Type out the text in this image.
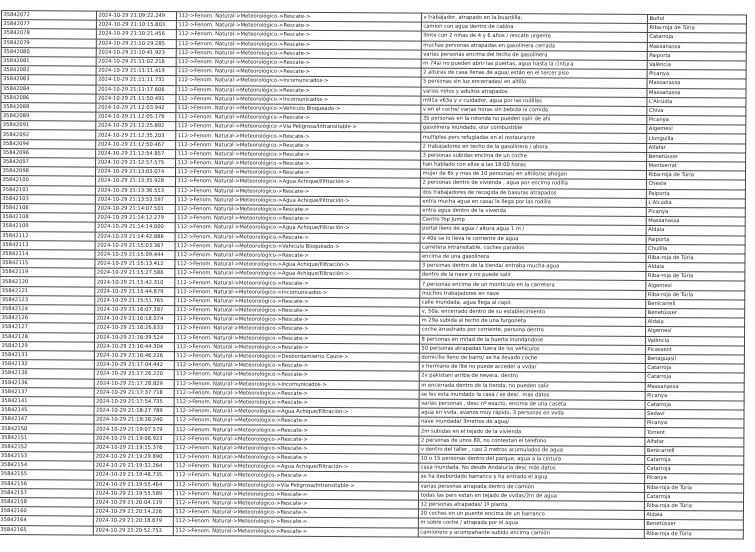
35842072	2024-10-29 21:09:22.249	112->Fenom. Natural->Meteorológico->Rescate->	v trabajador, atrapado en la buardilla,	Buñol
35842077	2024-10-29 21:10:15.803	112->Fenom. Natural->Meteorológico->Rescate->	camion con agua dentro de cabina	Riba-roja de Túria
35842078	2024-10-29 21:10:21.456	112->Fenom. Natural->Meteorológico->Rescate->	llmte con 2 niñas de 4 y 6 años / rescate urgente	Catarroja
35842079	2024-10-29 21:10:29.285	112->Fenom. Natural->Meteorológico->Rescate->	muchas personas atrapadas en gasolinera cerrada	Massanassa
35842080	2024-10-29 21:10:41.923	112->Fenom. Natural->Meteorológico->Rescate->	varias personas encima del techo de gasolinera	Paiporta
35842081	2024-10-29 21:11:02.218	112->Fenom. Natural->Meteorológico->Rescate->	m 74a/ no pueden abrir las puertas, agua hasta la cintura	València
35842082	2024-10-29 21:11:11.419	112->Fenom. Natural->Meteorológico->Rescate->	2 alturas de casa llenas de agua/ están en el tercer piso	Picanya
35842083	2024-10-29 21:11:11.731	112->Fenom. Natural->Meteorológico->Incomunicados->	5 personas sin luz encerradas/ en altillo	Massanassa
35842084	2024-10-29 21:11:17.606	112->Fenom. Natural->Meteorológico->Rescate->	varios niños y adultos atrapados	Massanassa
35842086	2024-10-29 21:11:50.491	112->Fenom. Natural->Meteorológico->Incomunicados->	m91a v63a y v cuidador, agua por las rodillas	L'Alcúdia
35842088	2024-10-29 21:12:03.942	112->Fenom. Natural->Meteorológico->Vehículo Bloqueado->	v en el coche/ varias horas sin bebida ni comida	Chiva
35842089	2024-10-29 21:12:05.176	112->Fenom. Natural->Meteorológico->Rescate->	35 personas en la rotonda no pueden salir de ahí	Picanya
35842091	2024-10-29 21:12:25.892	112->Fenom. Natural->Meteorológico->Vía Peligrosa/Intransitable->	gasolinera inundado, olor combustible	Algemesí
35842092	2024-10-29 21:12:35.203	112->Fenom. Natural->Meteorológico->Rescate->	multiples pers refugiadas en el restaurante	Llonguilla
35842094	2024-10-29 21:12:50.467	112->Fenom. Natural->Meteorológico->Rescate->	2 trabajadores en techo de la gasolinera / ahora	Alfafar
35842096	2024-10-29 21:12:54.857	112->Fenom. Natural->Meteorológico->Rescate->	3 personas subidas encima de un coche	Benetússer
35842097	2024-10-29 21:12:57.575	112->Fenom. Natural->Meteorológico->Rescate->	han hablado con ellos a las 18:00 horas	Montserrat
35842098	2024-10-29 21:13:03.074	112->Fenom. Natural->Meteorológico->Rescate->	mujer de 8x y mas de 10 personas/ en altillo/se ahogan	Riba-roja de Túria
35842100	2024-10-29 21:13:35.928	112->Fenom. Natural->Meteorológico->Agua Achique/Filtración->	2 personas dentro de vivienda , agua por encima rodilla	Cheste
35842101	2024-10-29 21:13:36.553	112->Fenom. Natural->Meteorológico->Rescate->	dos trabajadores de recogida de basuras atrapados	Paiporta
35842103	2024-10-29 21:13:53.597	112->Fenom. Natural->Meteorológico->Agua Achique/Filtración->	entra mucha agua en casa/ le llega por las rodilla	L'Alcúdia
35842106	2024-10-29 21:14:07.501	112->Fenom. Natural->Meteorológico->Rescate->	entra agua dentro de la vivenda	Picanya
35842108	2024-10-29 21:14:12.279	112->Fenom. Natural->Meteorológico->Rescate->	Centro Top Jump	Massanassa
35842109	2024-10-29 21:14:14.000	112->Fenom. Natural->Meteorológico->Agua Achique/Filtración->	portal lleno de agua / altura agua 1 m /	Aldaia
35842112	2024-10-29 21:14:42.886	112->Fenom. Natural->Meteorológico->Rescate->	v 40a se lo lleva le corriente de agua	Paiporta
35842113	2024-10-29 21:15:03.367	112->Fenom. Natural->Meteorológico->Vehículo Bloqueado->	carretera intransitable, coches parados	Chulilla
35842114	2024-10-29 21:15:09.444	112->Fenom. Natural->Meteorológico->Rescate->	encima de una gasolinera	Riba-roja de Túria
35842115	2024-10-29 21:15:13.412	112->Fenom. Natural->Meteorológico->Agua Achique/Filtración->	3 personas dentro de la tienda/ entraba mucha agua	Aldaia
35842119	2024-10-29 21:15:27.586	112->Fenom. Natural->Meteorológico->Agua Achique/Filtración->	dentro de la nave y no puede salir	Riba-roja de Túria
35842120	2024-10-29 21:15:42.310	112->Fenom. Natural->Meteorológico->Rescate->	7 personas encima de un montículo en la carretera	Algemesí
35842121	2024-10-29 21:15:44.879	112->Fenom. Natural->Meteorológico->Incomunicados->	muchos trabajadores en nave	Riba-roja de Túria
35842123	2024-10-29 21:15:51.765	112->Fenom. Natural->Meteorológico->Rescate->	calle inundada, agua llega al capó	Benicarrell
35842124	2024-10-29 21:16:07.387	112->Fenom. Natural->Meteorológico->Rescate->	v, 50a, encerrado dentro de su establecimiento	Benetússer
35842126	2024-10-29 21:16:18.074	112->Fenom. Natural->Meteorológico->Rescate->	m 29a subida al techo de una furgoneta	Aldaia
35842127	2024-10-29 21:16:26.633	112->Fenom. Natural->Meteorológico->Rescate->	coche arrastrado por corriente, persona dentro	Algemesí
35842128	2024-10-29 21:16:39.524	112->Fenom. Natural->Meteorológico->Rescate->	8 personas en mitad de la huerta inundandose	València
35842129	2024-10-29 21:16:44.304	112->Fenom. Natural->Meteorológico->Rescate->	50 personas atrapadas fuera de los vehículos	Picassent
35842131	2024-10-29 21:16:46.226	112->Fenom. Natural->Meteorológico->Desbordamiento Cauce->	domicilio lleno de barro/ se ha llevado coche	Benaguasil
35842132	2024-10-29 21:17:04.442	112->Fenom. Natural->Meteorológico->Rescate->	v hermano de llte no puede acceder a vvda/	Catarroja
35842136	2024-10-29 21:17:26.220	112->Fenom. Natural->Meteorológico->Rescate->	2v pakistani arriba de nevera, dentro	Catarroja
35842136	2024-10-29 21:17:28.829	112->Fenom. Natural->Meteorológico->Incomunicados->	m encerrada dentro de la tienda, no pueden salir	Massanassa
35842137	2024-10-29 21:17:37.718	112->Fenom. Natural->Meteorológico->Rescate->	se les esta inundado la casa / se desc. mas datos	Picanya
35842141	2024-10-29 21:17:54.735	112->Fenom. Natural->Meteorológico->Rescate->	varias personas , desc nº exacto, encima de una caseta	Catarroja
35842145	2024-10-29 21:18:27.789	112->Fenom. Natural->Meteorológico->Agua Achique/Filtración->	agua en vvda, avanza muy rápido, 3 personas en vvda	Sedaví
35842147	2024-10-29 21:18:38.240	112->Fenom. Natural->Meteorológico->Rescate->	nave inundada/ 3metros de agua/	Picanya
35842150	2024-10-29 21:19:07.579	112->Fenom. Natural->Meteorológico->Rescate->	2m subidas en el tejado de la vivienda	Torrent
35842151	2024-10-29 21:19:08.923	112->Fenom. Natural->Meteorológico->Rescate->	2 personas de unos 80, no contestan el telefono	Alfafar
35842152	2024-10-29 21:19:15.376	112->Fenom. Natural->Meteorológico->Rescate->	v dentro del taller , casi 2 metros acumulados de agua	Benicarrell
35842153	2024-10-29 21:19:29.890	112->Fenom. Natural->Meteorológico->Rescate->	10 o 15 personas dentro del parque, agua a la cintura	Catarroja
35842154	2024-10-29 21:19:32.264	112->Fenom. Natural->Meteorológico->Agua Achique/Filtración->	casa inundada. No desde Andalucía desc más datos	Catarroja
35842155	2024-10-29 21:19:48.735	112->Fenom. Natural->Meteorológico->Rescate->	se ha desbordado barranco y ha entrado el agua	Picanya
35842156	2024-10-29 21:19:55.464	112->Fenom. Natural->Meteorológico->Vía Peligrosa/Intransitable->	varias personas atrapada dentro de camión	Riba-roja de Túria
35842157	2024-10-29 21:19:55.589	112->Fenom. Natural->Meteorológico->Rescate->	todas las pers estan en tejado de vvdas/2m de agua	Catarroja
35842158	2024-10-29 21:20:04.119	112->Fenom. Natural->Meteorológico->Rescate->	12 personas atrapadas/ 1º planta	Riba-roja de Túria
35842160	2024-10-29 21:20:14.226	112->Fenom. Natural->Meteorológico->Rescate->	20 coches en un puente encima de un barranco	Aldaia
35842164	2024-10-29 21:20:18.679	112->Fenom. Natural->Meteorológico->Rescate->	m sobre coche / atrapada por el agua	Benetússer
35842165	2024-10-29 21:20:52.753	112->Fenom. Natural->Meteorológico->Rescate->	camionero y acompañante subido encima camión	Riba-roja de Túria
